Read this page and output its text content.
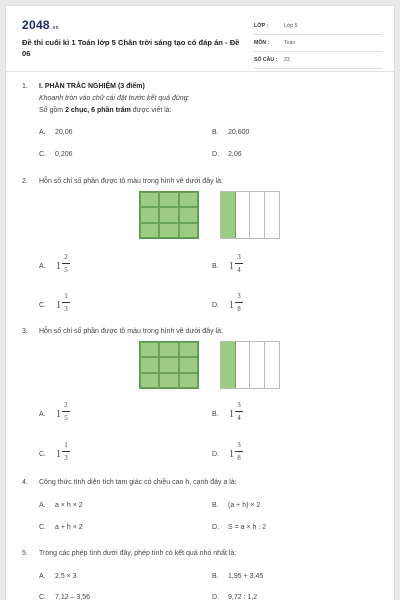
2048.vn
Đề thi cuối kì 1 Toán lớp 5 Chân trời sáng tạo có đáp án - Đề 06
LỚP :	Lớp 5
MÔN :	Toán
SỐ CÂU : 23
1. I. PHẦN TRẮC NGHIỆM (3 điểm)
Khoanh tròn vào chữ cái đặt trước kết quả đúng:
Số gồm 2 chục, 6 phần trăm được viết là:
A. 20,06	B. 20,600
C. 0,206	D. 2,06
2. Hỗn số chỉ số phần được tô màu trong hình vẽ dưới đây là:
A. 1
2
5	B. 1
3
4
C. 1
1
3	D. 1
3
8
3. Hỗn số chỉ số phần được tô màu trong hình vẽ dưới đây là:
A. 1
2
5	B. 1
3
4
C. 1
1
3	D. 1
3
8
4. Công thức tính diện tích tam giác có chiều cao h, cạnh đáy a là:
A. a × h × 2	B. (a + h) × 2
C. a + h × 2	D. S = a × h : 2
5. Trong các phép tính dưới đây, phép tính có kết quả nhỏ nhất là:
A. 2,5 × 3	B. 1,95 + 3,45
C. 7,12 – 3,56	D. 9,72 : 1,2
